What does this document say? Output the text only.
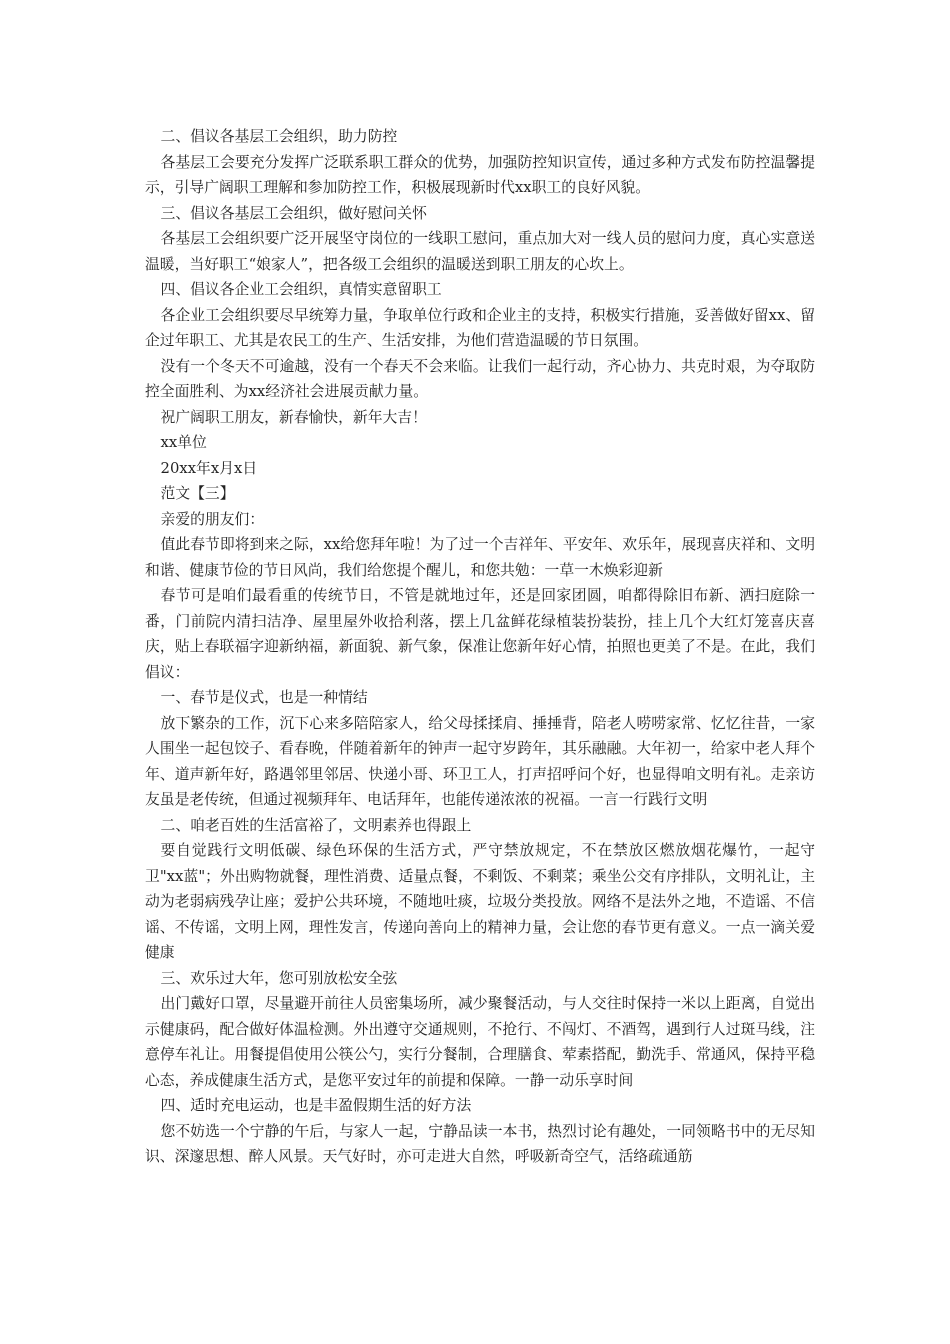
二、倡议各基层工会组织，助力防控

各基层工会要充分发挥广泛联系职工群众的优势，加强防控知识宣传，通过多种方式发布防控温馨提示，引导广阔职工理解和参加防控工作，积极展现新时代xx职工的良好风貌。

三、倡议各基层工会组织，做好慰问关怀

各基层工会组织要广泛开展坚守岗位的一线职工慰问，重点加大对一线人员的慰问力度，真心实意送温暖，当好职工“娘家人”，把各级工会组织的温暖送到职工朋友的心坎上。

四、倡议各企业工会组织，真情实意留职工

各企业工会组织要尽早统筹力量，争取单位行政和企业主的支持，积极实行措施，妥善做好留xx、留企过年职工、尤其是农民工的生产、生活安排，为他们营造温暖的节日氛围。

没有一个冬天不可逾越，没有一个春天不会来临。让我们一起行动，齐心协力、共克时艰，为夺取防控全面胜利、为xx经济社会进展贡献力量。

祝广阔职工朋友，新春愉快，新年大吉！

xx单位

20xx年x月x日

范文【三】

亲爱的朋友们：

值此春节即将到来之际，xx给您拜年啦！为了过一个吉祥年、平安年、欢乐年，展现喜庆祥和、文明和谐、健康节俭的节日风尚，我们给您提个醒儿，和您共勉：一草一木焕彩迎新

春节可是咱们最看重的传统节日，不管是就地过年，还是回家团圆，咱都得除旧布新、洒扫庭除一番，门前院内清扫洁净、屋里屋外收拾利落，摆上几盆鲜花绿植装扮装扮，挂上几个大红灯笼喜庆喜庆，贴上春联福字迎新纳福，新面貌、新气象，保准让您新年好心情，拍照也更美了不是。在此，我们倡议：

一、春节是仪式，也是一种情结

放下繁杂的工作，沉下心来多陪陪家人，给父母揉揉肩、捶捶背，陪老人唠唠家常、忆忆往昔，一家人围坐一起包饺子、看春晚，伴随着新年的钟声一起守岁跨年，其乐融融。大年初一，给家中老人拜个年、道声新年好，路遇邻里邻居、快递小哥、环卫工人，打声招呼问个好，也显得咱文明有礼。走亲访友虽是老传统，但通过视频拜年、电话拜年，也能传递浓浓的祝福。一言一行践行文明

二、咱老百姓的生活富裕了，文明素养也得跟上

要自觉践行文明低碳、绿色环保的生活方式，严守禁放规定，不在禁放区燃放烟花爆竹，一起守卫"xx蓝"；外出购物就餐，理性消费、适量点餐，不剩饭、不剩菜；乘坐公交有序排队，文明礼让，主动为老弱病残孕让座；爱护公共环境，不随地吐痰，垃圾分类投放。网络不是法外之地，不造谣、不信谣、不传谣，文明上网，理性发言，传递向善向上的精神力量，会让您的春节更有意义。一点一滴关爱健康

三、欢乐过大年，您可别放松安全弦

出门戴好口罩，尽量避开前往人员密集场所，减少聚餐活动，与人交往时保持一米以上距离，自觉出示健康码，配合做好体温检测。外出遵守交通规则，不抢行、不闯灯、不酒驾，遇到行人过斑马线，注意停车礼让。用餐提倡使用公筷公勺，实行分餐制，合理膳食、荤素搭配，勤洗手、常通风，保持平稳心态，养成健康生活方式，是您平安过年的前提和保障。一静一动乐享时间

四、适时充电运动，也是丰盈假期生活的好方法

您不妨选一个宁静的午后，与家人一起，宁静品读一本书，热烈讨论有趣处，一同领略书中的无尽知识、深邃思想、醉人风景。天气好时，亦可走进大自然，呼吸新奇空气，活络疏通筋
